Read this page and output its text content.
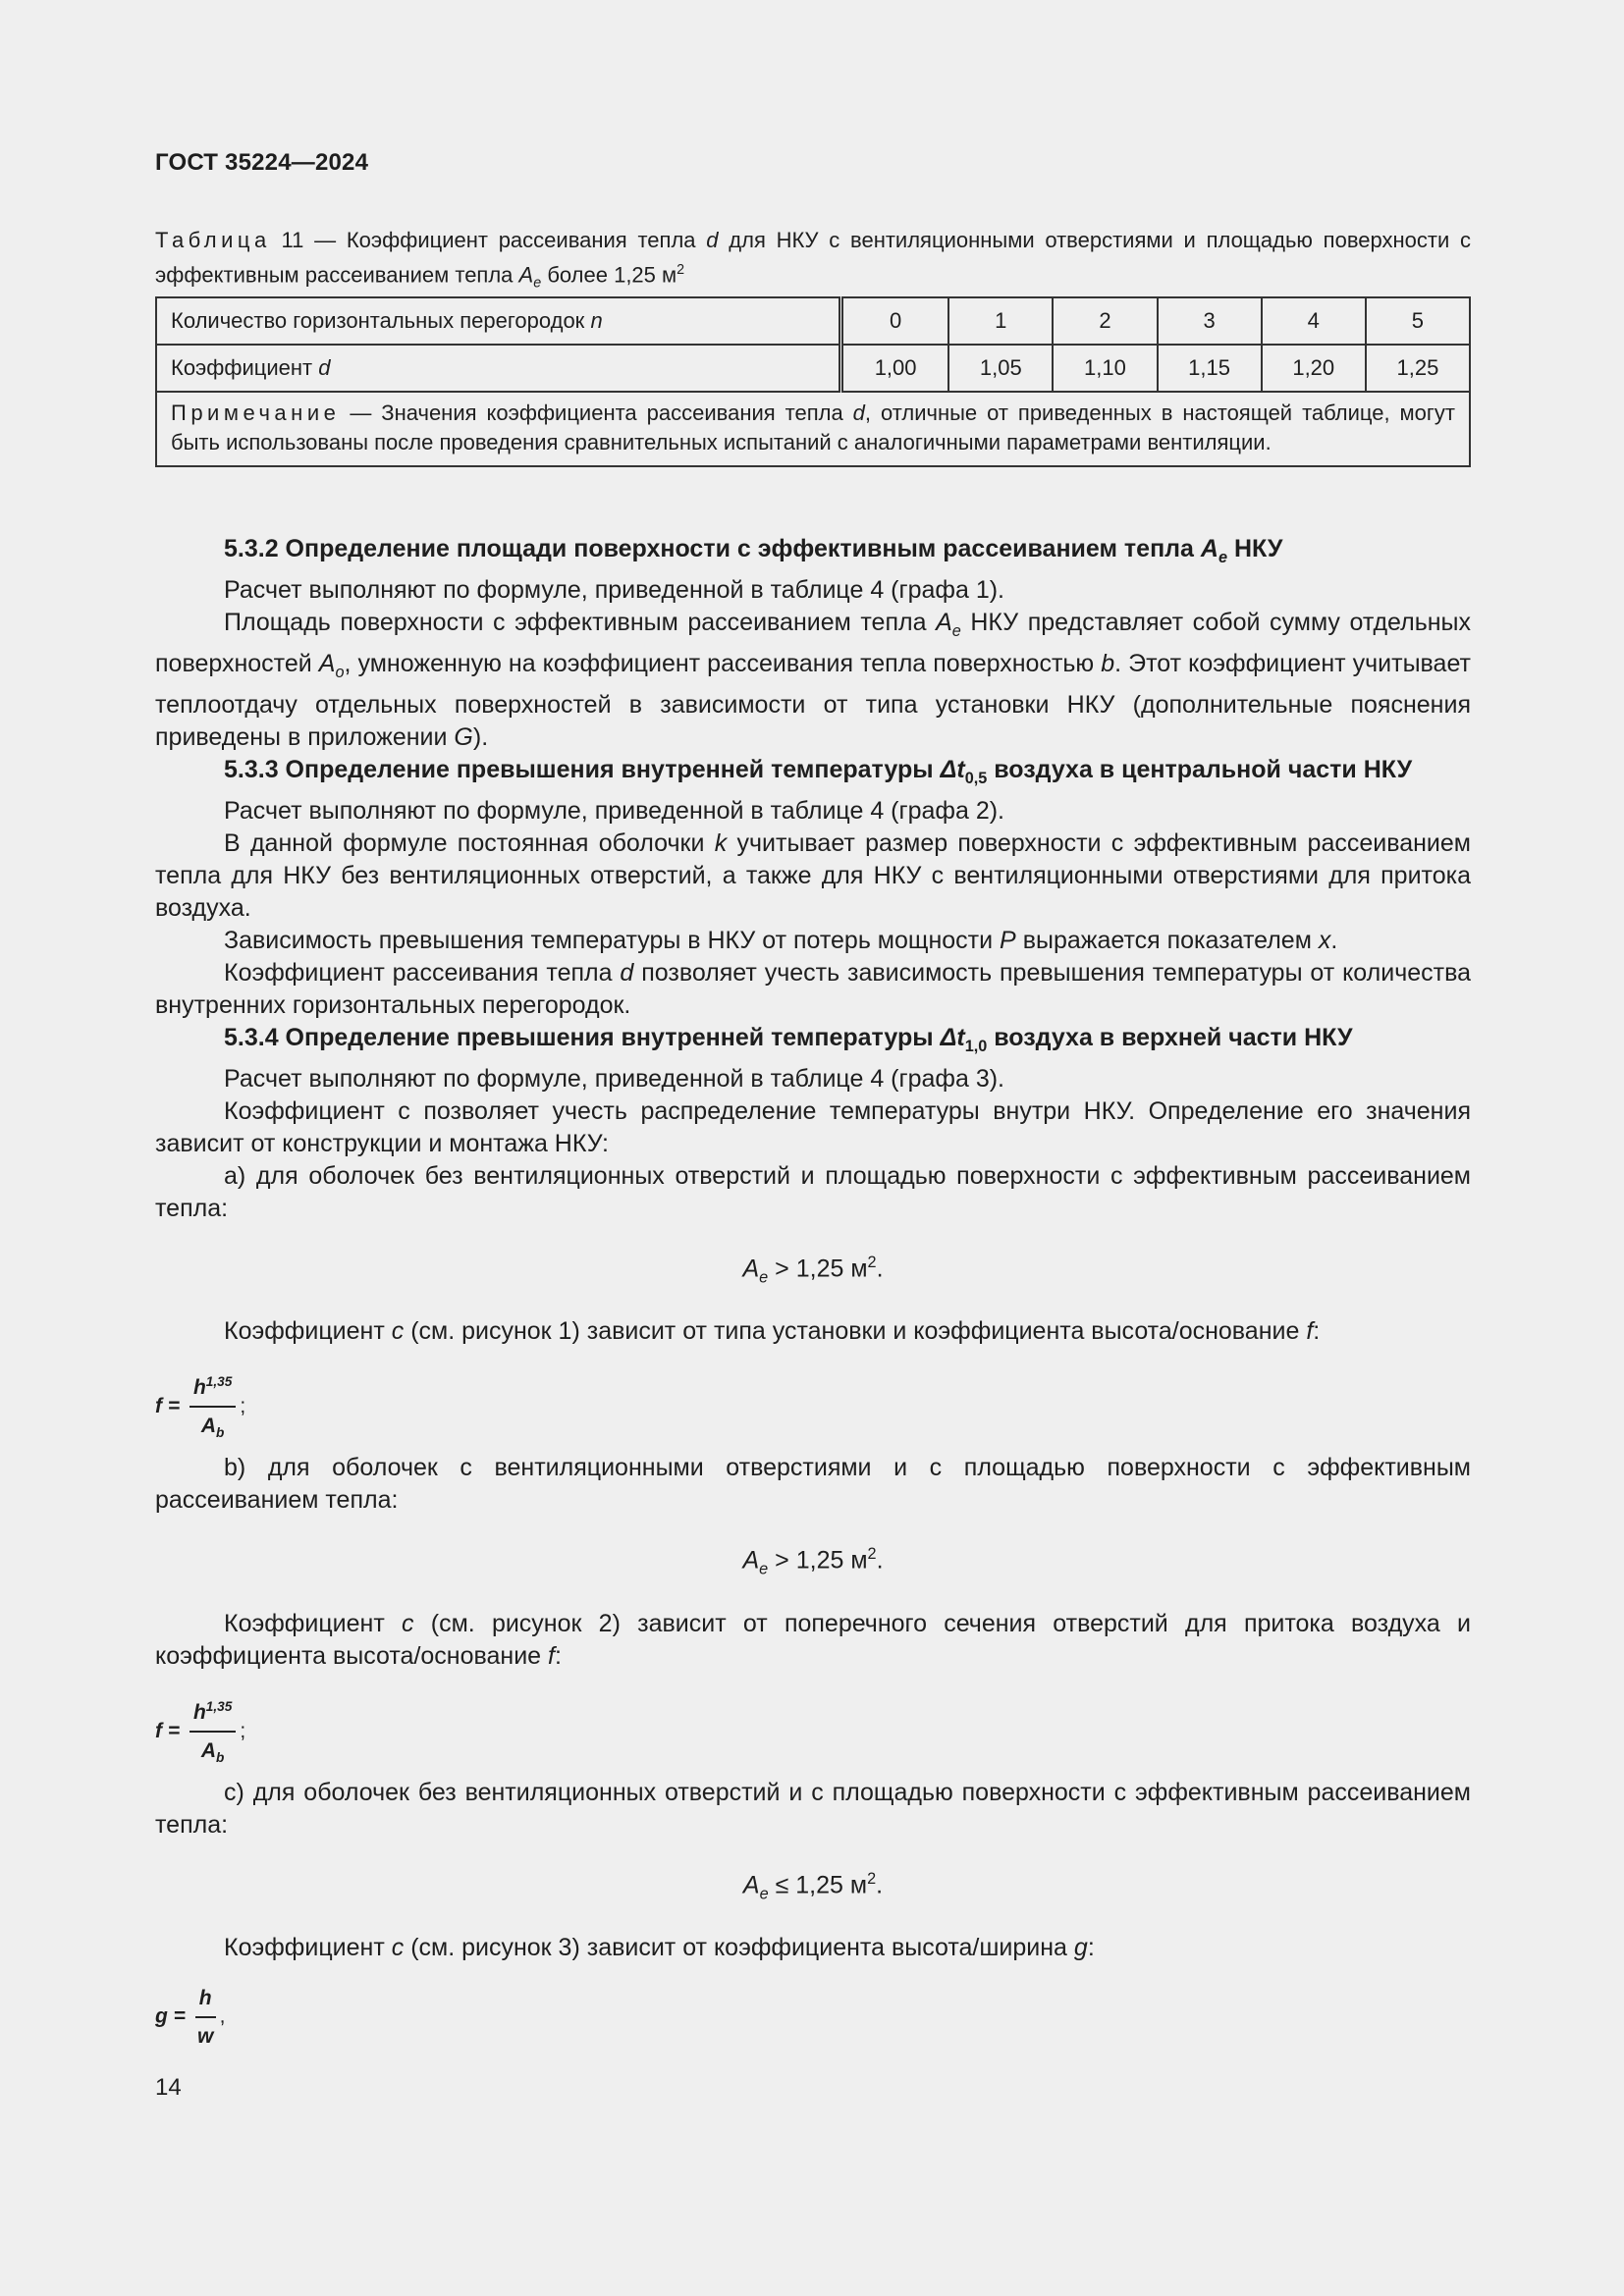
ГОСТ 35224—2024
Таблица 11 — Коэффициент рассеивания тепла d для НКУ с вентиляционными отверстиями и площадью поверхности с эффективным рассеиванием тепла $A_e$ более 1,25 $м^2$
Количество горизонтальных перегородок n	0	1	2	3	4	5
Коэффициент d	1,00	1,05	1,10	1,15	1,20	1,25
Примечание — Значения коэффициента рассеивания тепла d, отличные от приведенных в настоящей таблице, могут быть использованы после проведения сравнительных испытаний с аналогичными параметрами вентиляции.						

5.3.2 Определение площади поверхности с эффективным рассеиванием тепла $A_e$ НКУ

Расчет выполняют по формуле, приведенной в таблице 4 (графа 1).

Площадь поверхности с эффективным рассеиванием тепла $A_e$ НКУ представляет собой сумму отдельных поверхностей $A_o$, умноженную на коэффициент рассеивания тепла поверхностью b. Этот коэффициент учитывает теплоотдачу отдельных поверхностей в зависимости от типа установки НКУ (дополнительные пояснения приведены в приложении G).

5.3.3 Определение превышения внутренней температуры $\Delta t_{0,5}$ воздуха в центральной части НКУ

Расчет выполняют по формуле, приведенной в таблице 4 (графа 2).

В данной формуле постоянная оболочки k учитывает размер поверхности с эффективным рассеиванием тепла для НКУ без вентиляционных отверстий, а также для НКУ с вентиляционными отверстиями для притока воздуха.

Зависимость превышения температуры в НКУ от потерь мощности P выражается показателем x.

Коэффициент рассеивания тепла d позволяет учесть зависимость превышения температуры от количества внутренних горизонтальных перегородок.

5.3.4 Определение превышения внутренней температуры $\Delta t_{1,0}$ воздуха в верхней части НКУ

Расчет выполняют по формуле, приведенной в таблице 4 (графа 3).

Коэффициент с позволяет учесть распределение температуры внутри НКУ. Определение его значения зависит от конструкции и монтажа НКУ:

a) для оболочек без вентиляционных отверстий и площадью поверхности с эффективным рассеиванием тепла:

$A_e > 1,25$ $м^2$.

Коэффициент c (см. рисунок 1) зависит от типа установки и коэффициента высота/основание f:

$f = \frac{h^{1,35}}{A_b}$ ;

b) для оболочек с вентиляционными отверстиями и с площадью поверхности с эффективным рассеиванием тепла:

$A_e > 1,25$ $м^2$.

Коэффициент c (см. рисунок 2) зависит от поперечного сечения отверстий для притока воздуха и коэффициента высота/основание f:

$f = \frac{h^{1,35}}{A_b}$ ;

c) для оболочек без вентиляционных отверстий и с площадью поверхности с эффективным рассеиванием тепла:

$A_e \le 1,25$ $м^2$.

Коэффициент c (см. рисунок 3) зависит от коэффициента высота/ширина g:

$g = \frac{h}{w}$ ,

14
